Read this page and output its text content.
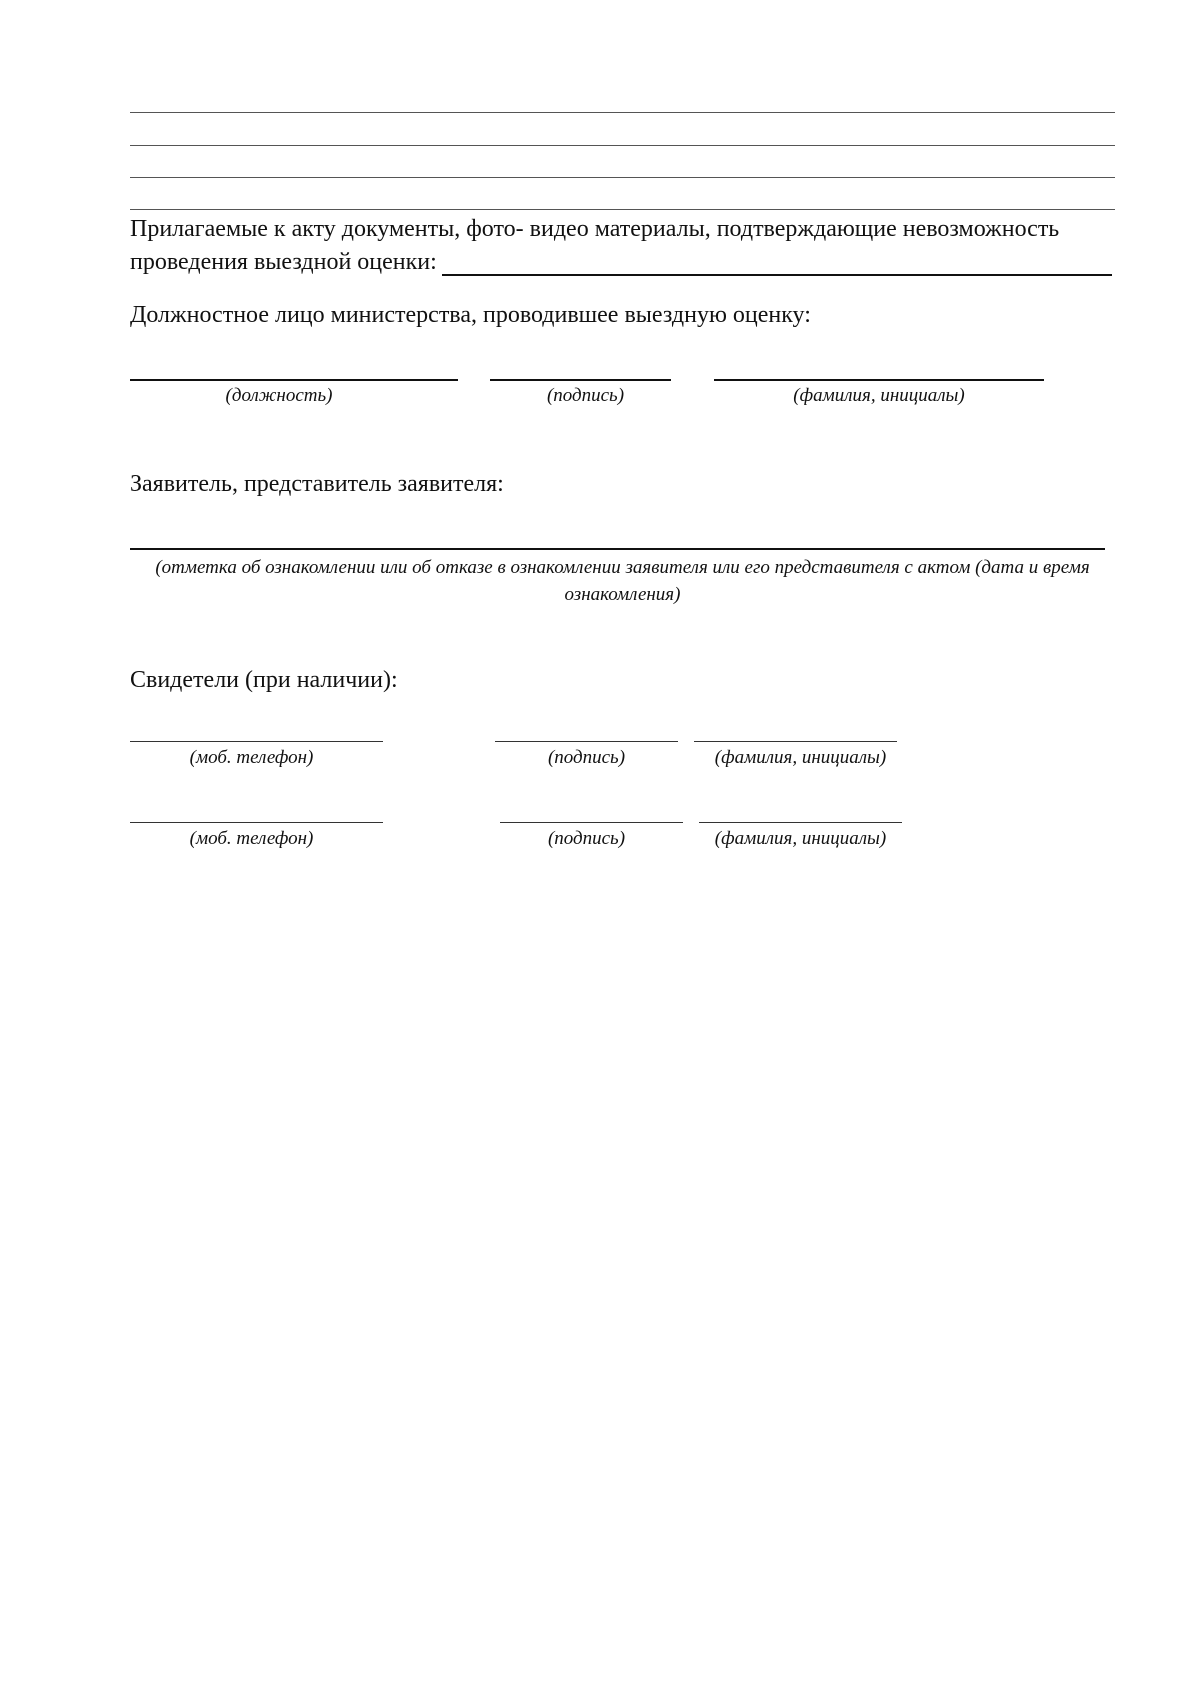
Прилагаемые к акту документы, фото- видео материалы, подтверждающие невозможность
проведения выездной оценки:
Должностное лицо министерства, проводившее выездную оценку:
(должность)	(подпись)	(фамилия, инициалы)
Заявитель, представитель заявителя:
(отметка об ознакомлении или об отказе в ознакомлении заявителя или его представителя с актом (дата и время ознакомления)
Свидетели (при наличии):
(моб. телефон)	(подпись)	(фамилия, инициалы)
(моб. телефон)	(подпись)	(фамилия, инициалы)
